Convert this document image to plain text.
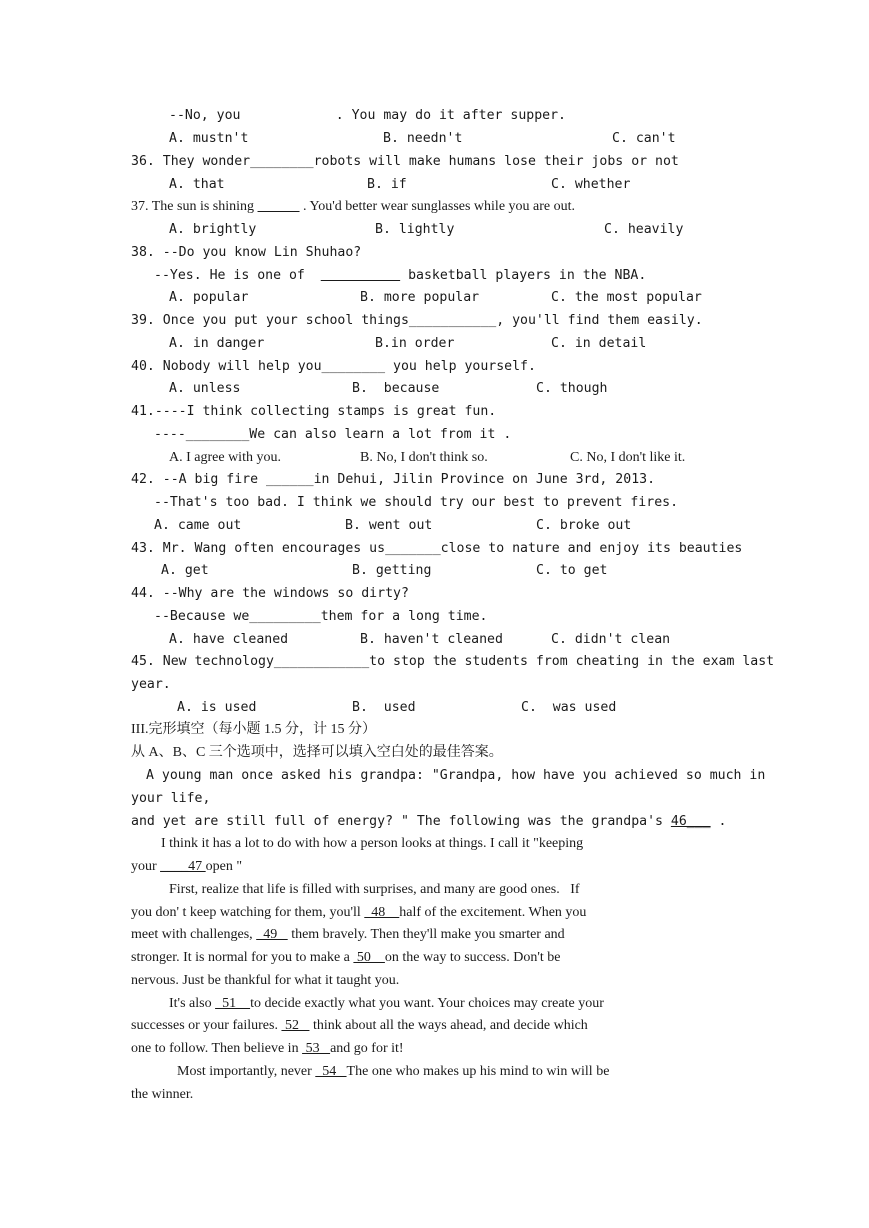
--No, you            . You may do it after supper.
A. mustn't	B. needn't	C. can't
36. They wonder________robots will make humans lose their jobs or not
A. that	B. if	C. whether
37. The sun is shining	. You'd better wear sunglasses while you are out.
A. brightly	B. lightly	C. heavily
38. --Do you know Lin Shuhao?
--Yes. He is one of	basketball players in the NBA.
A. popular	B. more popular	C. the most popular
39. Once you put your school things___________, you'll find them easily.
A. in danger	B.in order	C. in detail
40. Nobody will help you________ you help yourself.
A. unless	B.  because	C. though
41.----I think collecting stamps is great fun.
----________We can also learn a lot from it .
A. I agree with you.	B. No, I don't think so.	C. No, I don't like it.
42. --A big fire ______in Dehui, Jilin Province on June 3rd, 2013.
--That's too bad. I think we should try our best to prevent fires.
A. came out	B. went out	C. broke out
43. Mr. Wang often encourages us_______close to nature and enjoy its beauties
A. get	B. getting	C. to get
44. --Why are the windows so dirty?
--Because we_________them for a long time.
A. have cleaned	B. haven't cleaned	C. didn't clean
45. New technology____________to stop the students from cheating in the exam last
year.
A. is used	B.  used	C.  was used
III.完形填空（每小题 1.5 分，计 15 分）
从 A、B、C 三个选项中，选择可以填入空白处的最佳答案。
A young man once asked his grandpa: "Grandpa, how have you achieved so much in
your life,
and yet are still full of energy? " The following was the grandpa's 46___ .
I think it has a lot to do with how a person looks at things. I call it "keeping
your ____47 open "
First, realize that life is filled with surprises, and many are good ones.   If
you don' t keep watching for them, you'll   48    half of the excitement. When you
meet with challenges,   49    them bravely. Then they'll make you smarter and
stronger. It is normal for you to make a  50    on the way to success. Don't be
nervous. Just be thankful for what it taught you.
It's also   51    to decide exactly what you want. Your choices may create your
successes or your failures.  52    think about all the ways ahead, and decide which
one to follow. Then believe in  53   and go for it!
Most importantly, never   54   The one who makes up his mind to win will be
the winner.
